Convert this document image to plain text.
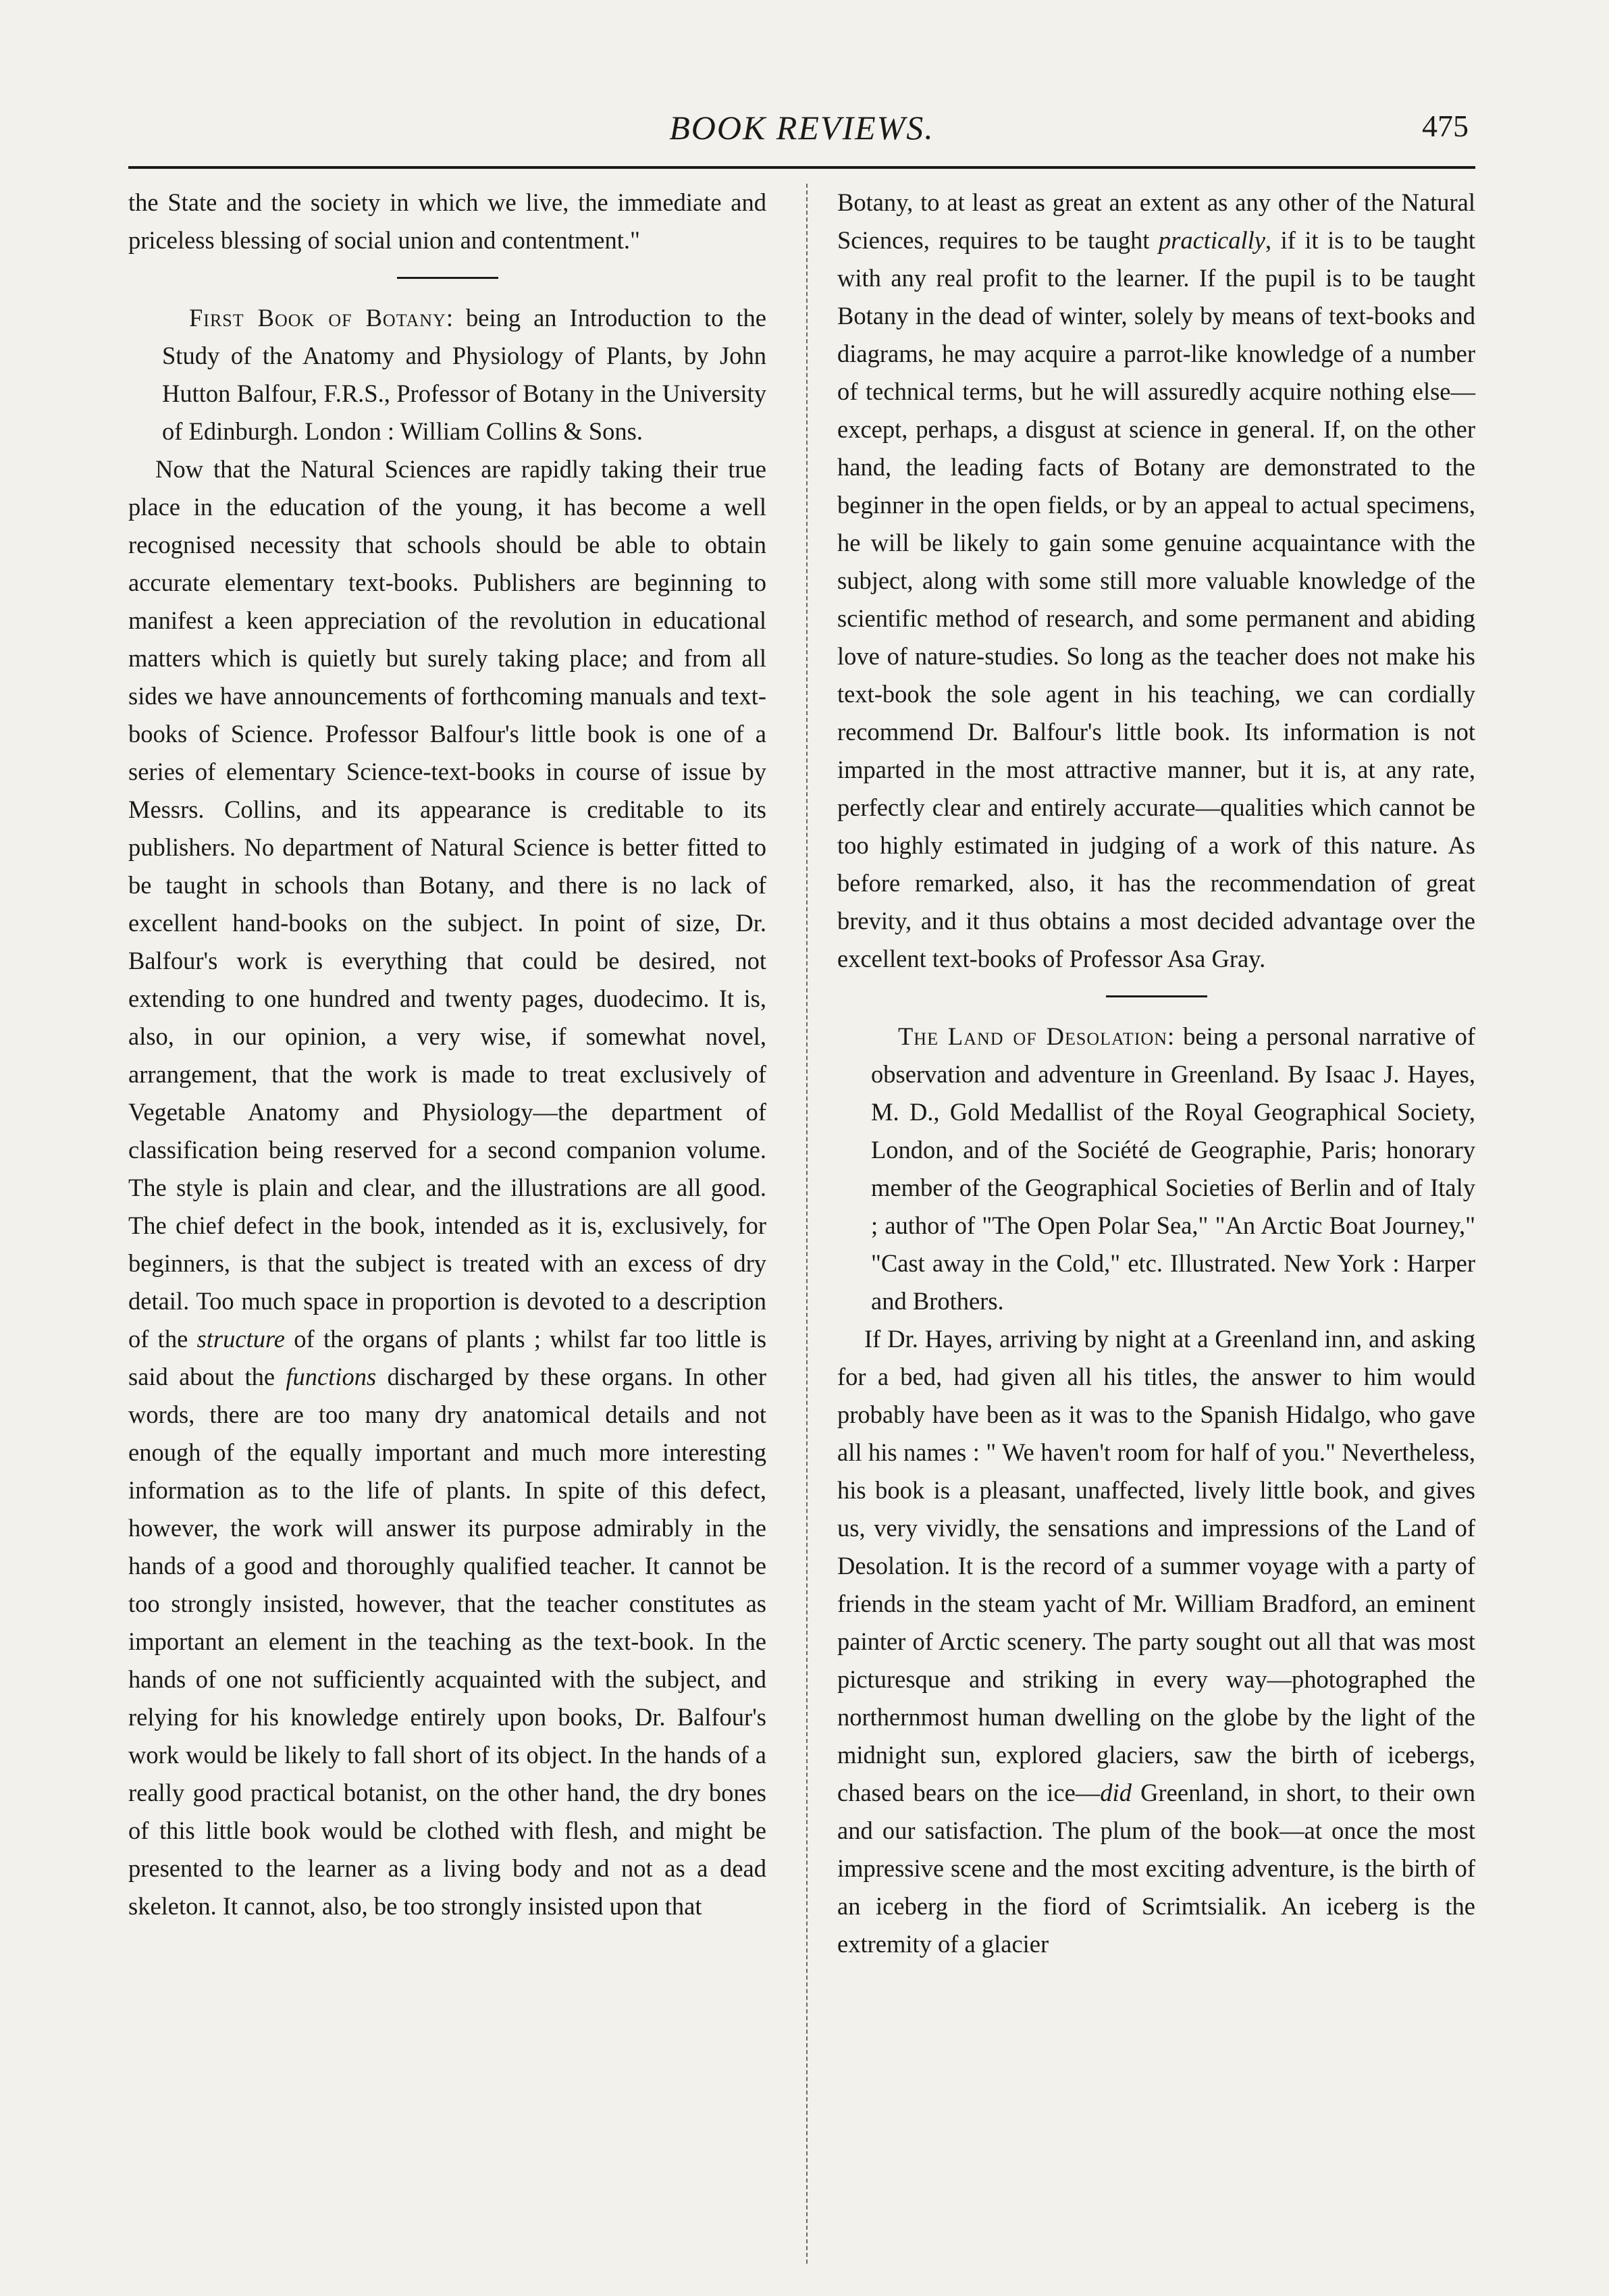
BOOK REVIEWS.	475

the State and the society in which we live, the immediate and priceless blessing of social union and contentment."

First Book of Botany: being an Introduction to the Study of the Anatomy and Physiology of Plants, by John Hutton Balfour, F.R.S., Professor of Botany in the University of Edinburgh. London : William Collins & Sons.

Now that the Natural Sciences are rapidly taking their true place in the education of the young, it has become a well recognised necessity that schools should be able to obtain accurate elementary text-books. Publishers are beginning to manifest a keen appreciation of the revolution in educational matters which is quietly but surely taking place; and from all sides we have announcements of forthcoming manuals and text-books of Science. Professor Balfour's little book is one of a series of elementary Science-text-books in course of issue by Messrs. Collins, and its appearance is creditable to its publishers. No department of Natural Science is better fitted to be taught in schools than Botany, and there is no lack of excellent hand-books on the subject. In point of size, Dr. Balfour's work is everything that could be desired, not extending to one hundred and twenty pages, duodecimo. It is, also, in our opinion, a very wise, if somewhat novel, arrangement, that the work is made to treat exclusively of Vegetable Anatomy and Physiology—the department of classification being reserved for a second companion volume. The style is plain and clear, and the illustrations are all good. The chief defect in the book, intended as it is, exclusively, for beginners, is that the subject is treated with an excess of dry detail. Too much space in proportion is devoted to a description of the structure of the organs of plants ; whilst far too little is said about the functions discharged by these organs. In other words, there are too many dry anatomical details and not enough of the equally important and much more interesting information as to the life of plants. In spite of this defect, however, the work will answer its purpose admirably in the hands of a good and thoroughly qualified teacher. It cannot be too strongly insisted, however, that the teacher constitutes as important an element in the teaching as the text-book. In the hands of one not sufficiently acquainted with the subject, and relying for his knowledge entirely upon books, Dr. Balfour's work would be likely to fall short of its object. In the hands of a really good practical botanist, on the other hand, the dry bones of this little book would be clothed with flesh, and might be presented to the learner as a living body and not as a dead skeleton. It cannot, also, be too strongly insisted upon that

Botany, to at least as great an extent as any other of the Natural Sciences, requires to be taught practically, if it is to be taught with any real profit to the learner. If the pupil is to be taught Botany in the dead of winter, solely by means of text-books and diagrams, he may acquire a parrot-like knowledge of a number of technical terms, but he will assuredly acquire nothing else—except, perhaps, a disgust at science in general. If, on the other hand, the leading facts of Botany are demonstrated to the beginner in the open fields, or by an appeal to actual specimens, he will be likely to gain some genuine acquaintance with the subject, along with some still more valuable knowledge of the scientific method of research, and some permanent and abiding love of nature-studies. So long as the teacher does not make his text-book the sole agent in his teaching, we can cordially recommend Dr. Balfour's little book. Its information is not imparted in the most attractive manner, but it is, at any rate, perfectly clear and entirely accurate—qualities which cannot be too highly estimated in judging of a work of this nature. As before remarked, also, it has the recommendation of great brevity, and it thus obtains a most decided advantage over the excellent text-books of Professor Asa Gray.

The Land of Desolation: being a personal narrative of observation and adventure in Greenland. By Isaac J. Hayes, M. D., Gold Medallist of the Royal Geographical Society, London, and of the Société de Geographie, Paris; honorary member of the Geographical Societies of Berlin and of Italy ; author of "The Open Polar Sea," "An Arctic Boat Journey," "Cast away in the Cold," etc. Illustrated. New York : Harper and Brothers.

If Dr. Hayes, arriving by night at a Greenland inn, and asking for a bed, had given all his titles, the answer to him would probably have been as it was to the Spanish Hidalgo, who gave all his names : " We haven't room for half of you." Nevertheless, his book is a pleasant, unaffected, lively little book, and gives us, very vividly, the sensations and impressions of the Land of Desolation. It is the record of a summer voyage with a party of friends in the steam yacht of Mr. William Bradford, an eminent painter of Arctic scenery. The party sought out all that was most picturesque and striking in every way—photographed the northernmost human dwelling on the globe by the light of the midnight sun, explored glaciers, saw the birth of icebergs, chased bears on the ice—did Greenland, in short, to their own and our satisfaction. The plum of the book—at once the most impressive scene and the most exciting adventure, is the birth of an iceberg in the fiord of Scrimtsialik. An iceberg is the extremity of a glacier
